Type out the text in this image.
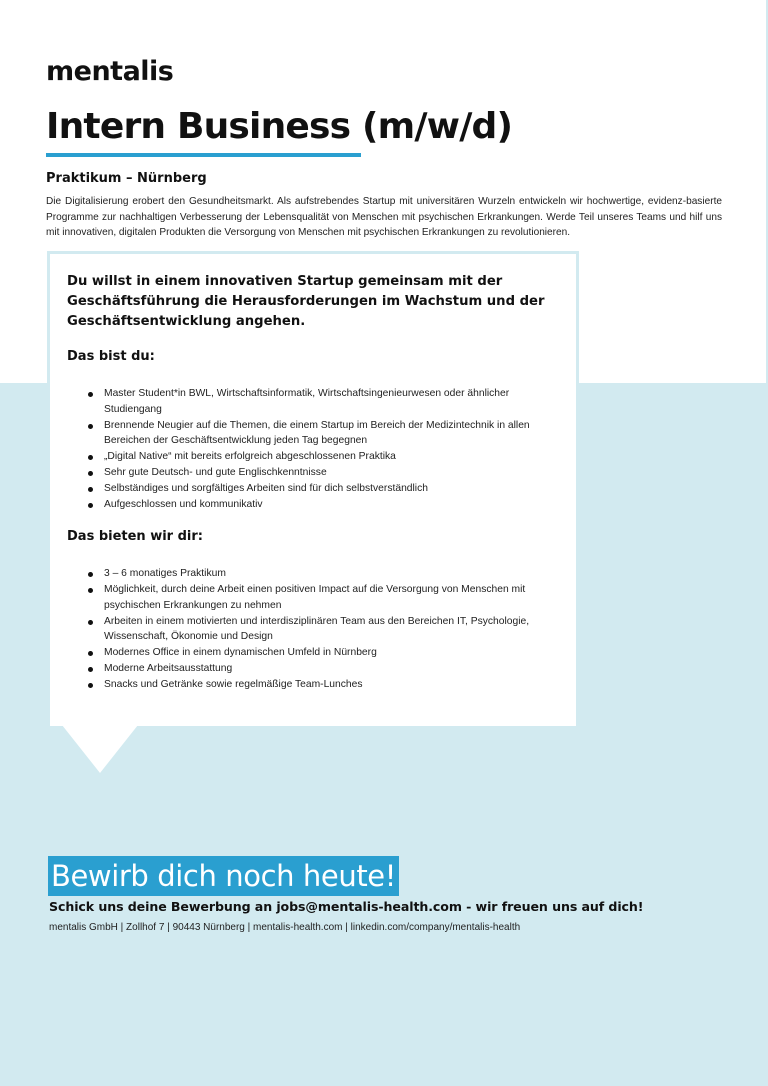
mentalis
Intern Business (m/w/d)
Praktikum – Nürnberg

Die Digitalisierung erobert den Gesundheitsmarkt. Als aufstrebendes Startup mit universitären Wurzeln entwickeln wir hochwertige, evidenz-basierte Programme zur nachhaltigen Verbesserung der Lebensqualität von Menschen mit psychischen Erkrankungen. Werde Teil unseres Teams und hilf uns mit innovativen, digitalen Produkten die Versorgung von Menschen mit psychischen Erkrankungen zu revolutionieren.

Du willst in einem innovativen Startup gemeinsam mit der Geschäftsführung die Herausforderungen im Wachstum und der Geschäftsentwicklung angehen.
Das bist du:
Master Student*in BWL, Wirtschaftsinformatik, Wirtschaftsingenieurwesen oder ähnlicher Studiengang
Brennende Neugier auf die Themen, die einem Startup im Bereich der Medizintechnik in allen Bereichen der Geschäftsentwicklung jeden Tag begegnen
„Digital Native“ mit bereits erfolgreich abgeschlossenen Praktika
Sehr gute Deutsch- und gute Englischkenntnisse
Selbständiges und sorgfältiges Arbeiten sind für dich selbstverständlich
Aufgeschlossen und kommunikativ
Das bieten wir dir:
3 – 6 monatiges Praktikum
Möglichkeit, durch deine Arbeit einen positiven Impact auf die Versorgung von Menschen mit psychischen Erkrankungen zu nehmen
Arbeiten in einem motivierten und interdisziplinären Team aus den Bereichen IT, Psychologie, Wissenschaft, Ökonomie und Design
Modernes Office in einem dynamischen Umfeld in Nürnberg
Moderne Arbeitsausstattung
Snacks und Getränke sowie regelmäßige Team-Lunches
Bewirb dich noch heute!
Schick uns deine Bewerbung an jobs@mentalis-health.com - wir freuen uns auf dich!
mentalis GmbH | Zollhof 7 | 90443 Nürnberg | mentalis-health.com | linkedin.com/company/mentalis-health
